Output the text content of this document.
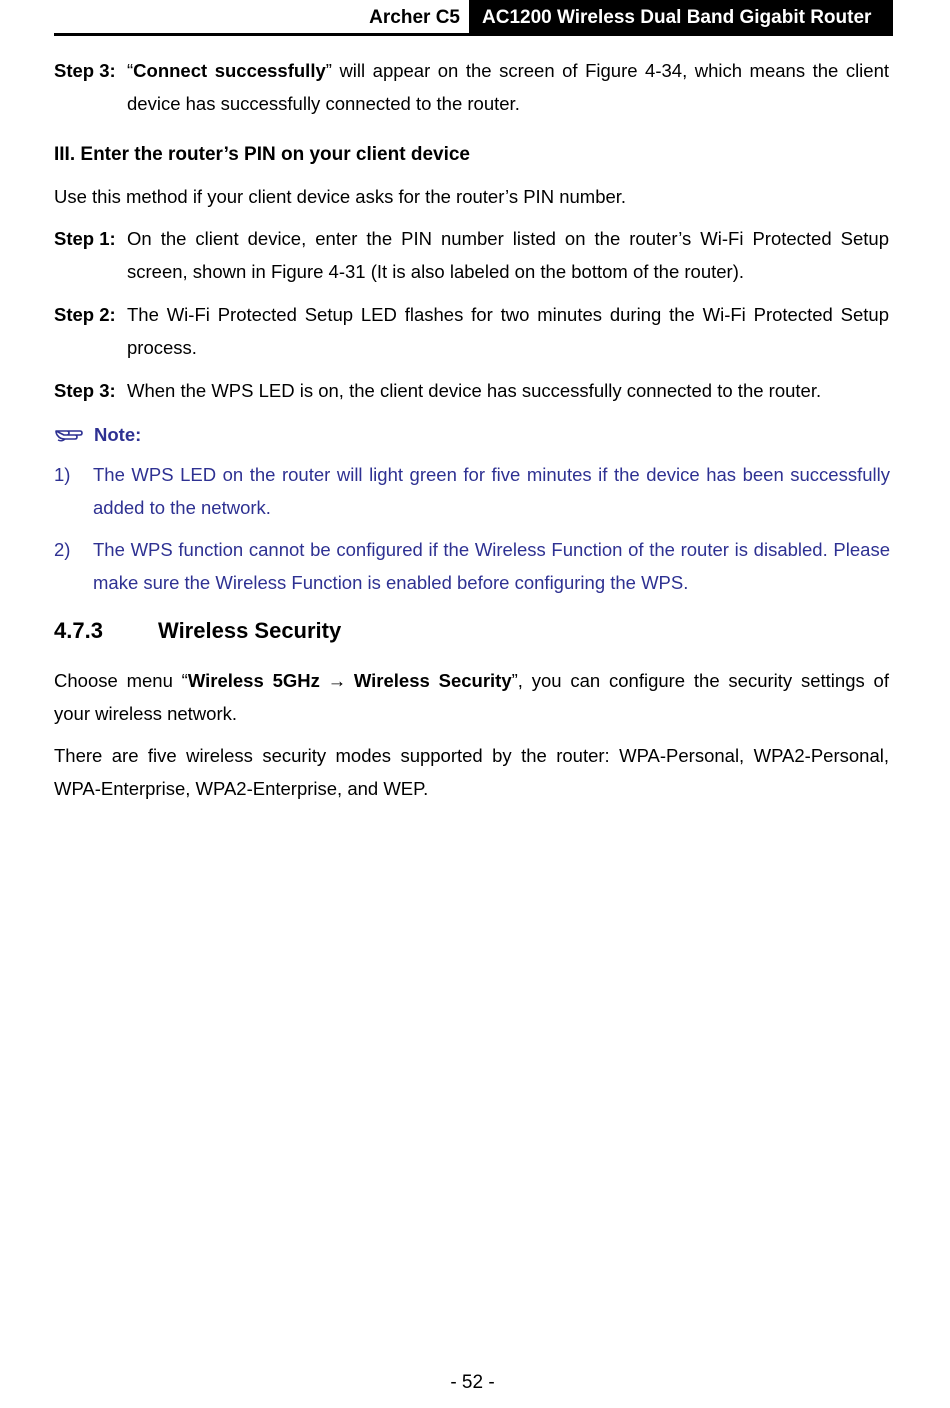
Archer C5	AC1200 Wireless Dual Band Gigabit Router
Step 3: “Connect successfully” will appear on the screen of Figure 4-34, which means the client device has successfully connected to the router.
III. Enter the router’s PIN on your client device
Use this method if your client device asks for the router’s PIN number.
Step 1: On the client device, enter the PIN number listed on the router’s Wi-Fi Protected Setup screen, shown in Figure 4-31 (It is also labeled on the bottom of the router).
Step 2: The Wi-Fi Protected Setup LED flashes for two minutes during the Wi-Fi Protected Setup process.
Step 3: When the WPS LED is on, the client device has successfully connected to the router.
Note:
1)	The WPS LED on the router will light green for five minutes if the device has been successfully added to the network.
2)	The WPS function cannot be configured if the Wireless Function of the router is disabled. Please make sure the Wireless Function is enabled before configuring the WPS.
4.7.3	Wireless Security
Choose menu “Wireless 5GHz → Wireless Security”, you can configure the security settings of your wireless network.
There are five wireless security modes supported by the router: WPA-Personal, WPA2-Personal, WPA-Enterprise, WPA2-Enterprise, and WEP.
- 52 -
